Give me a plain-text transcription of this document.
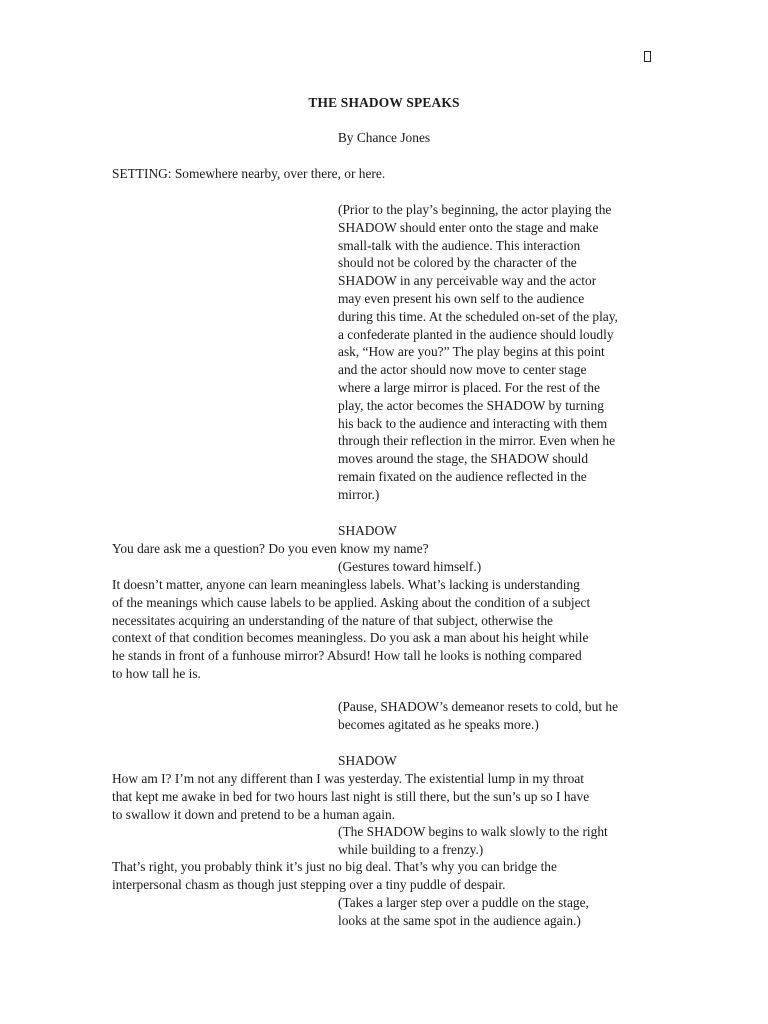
THE SHADOW SPEAKS
By Chance Jones
SETTING: Somewhere nearby, over there, or here.
(Prior to the play’s beginning, the actor playing the
SHADOW should enter onto the stage and make
small-talk with the audience. This interaction
should not be colored by the character of the
SHADOW in any perceivable way and the actor
may even present his own self to the audience
during this time. At the scheduled on-set of the play,
a confederate planted in the audience should loudly
ask, “How are you?” The play begins at this point
and the actor should now move to center stage
where a large mirror is placed. For the rest of the
play, the actor becomes the SHADOW by turning
his back to the audience and interacting with them
through their reflection in the mirror. Even when he
moves around the stage, the SHADOW should
remain fixated on the audience reflected in the
mirror.)
SHADOW
You dare ask me a question? Do you even know my name?
(Gestures toward himself.)
It doesn’t matter, anyone can learn meaningless labels. What’s lacking is understanding
of the meanings which cause labels to be applied. Asking about the condition of a subject
necessitates acquiring an understanding of the nature of that subject, otherwise the
context of that condition becomes meaningless. Do you ask a man about his height while
he stands in front of a funhouse mirror? Absurd! How tall he looks is nothing compared
to how tall he is.
(Pause, SHADOW’s demeanor resets to cold, but he
becomes agitated as he speaks more.)
SHADOW
How am I? I’m not any different than I was yesterday. The existential lump in my throat
that kept me awake in bed for two hours last night is still there, but the sun’s up so I have
to swallow it down and pretend to be a human again.
(The SHADOW begins to walk slowly to the right
while building to a frenzy.)
That’s right, you probably think it’s just no big deal. That’s why you can bridge the
interpersonal chasm as though just stepping over a tiny puddle of despair.
(Takes a larger step over a puddle on the stage,
looks at the same spot in the audience again.)
